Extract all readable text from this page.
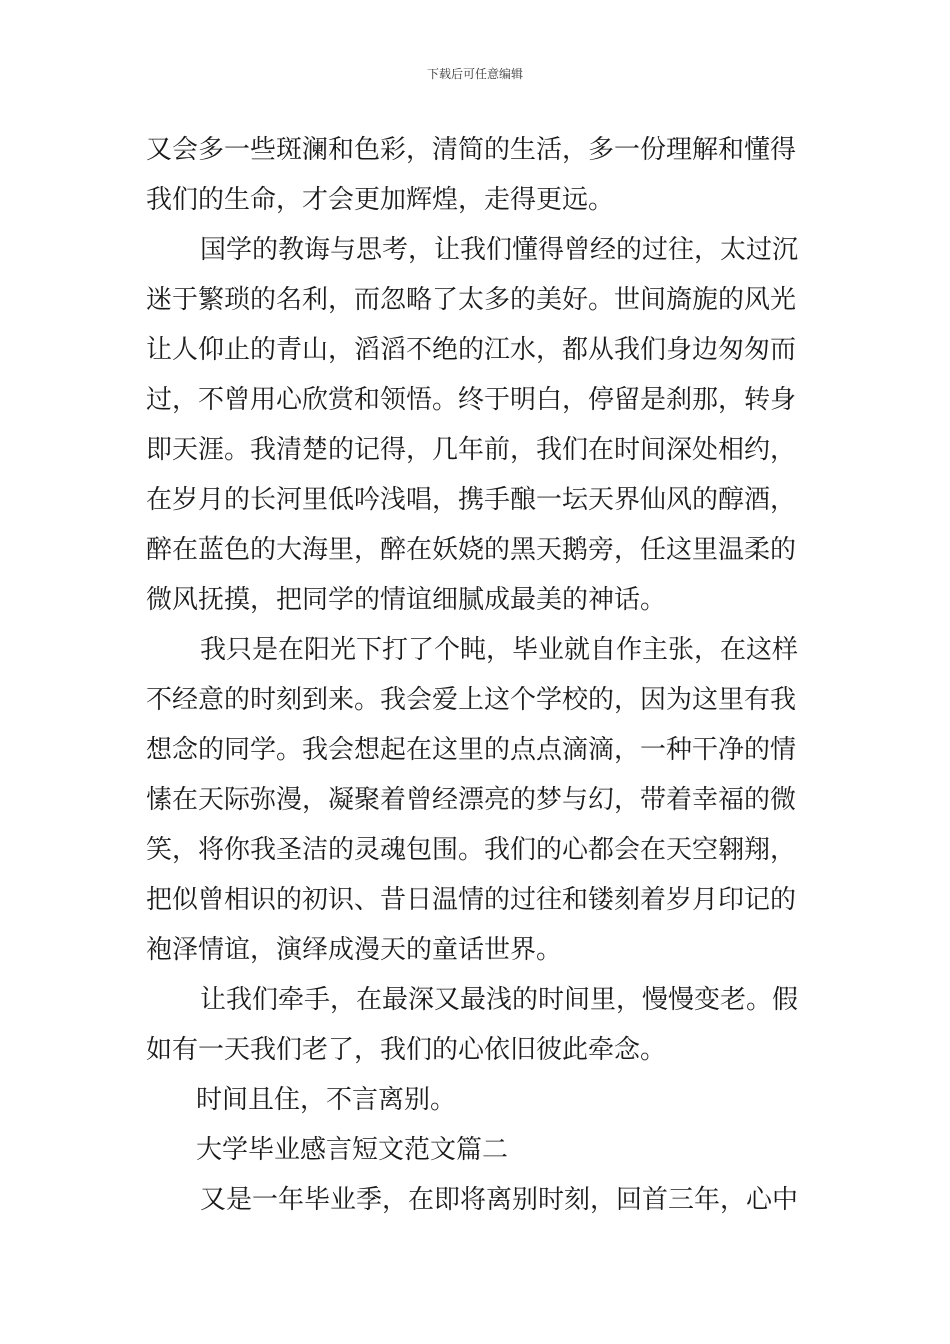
下载后可任意编辑
又会多一些斑澜和色彩，清简的生活，多一份理解和懂得
我们的生命，才会更加辉煌，走得更远。
国学的教诲与思考，让我们懂得曾经的过往，太过沉
迷于繁琐的名利，而忽略了太多的美好。世间旖旎的风光
让人仰止的青山，滔滔不绝的江水，都从我们身边匆匆而
过，不曾用心欣赏和领悟。终于明白，停留是刹那，转身
即天涯。我清楚的记得，几年前，我们在时间深处相约，
在岁月的长河里低吟浅唱，携手酿一坛天界仙风的醇酒，
醉在蓝色的大海里，醉在妖娆的黑天鹅旁，任这里温柔的
微风抚摸，把同学的情谊细腻成最美的神话。
我只是在阳光下打了个盹，毕业就自作主张，在这样
不经意的时刻到来。我会爱上这个学校的，因为这里有我
想念的同学。我会想起在这里的点点滴滴，一种干净的情
愫在天际弥漫，凝聚着曾经漂亮的梦与幻，带着幸福的微
笑，将你我圣洁的灵魂包围。我们的心都会在天空翱翔，
把似曾相识的初识、昔日温情的过往和镂刻着岁月印记的
袍泽情谊，演绎成漫天的童话世界。
让我们牵手，在最深又最浅的时间里，慢慢变老。假
如有一天我们老了，我们的心依旧彼此牵念。
时间且住，不言离别。
大学毕业感言短文范文篇二
又是一年毕业季，在即将离别时刻，回首三年，心中
